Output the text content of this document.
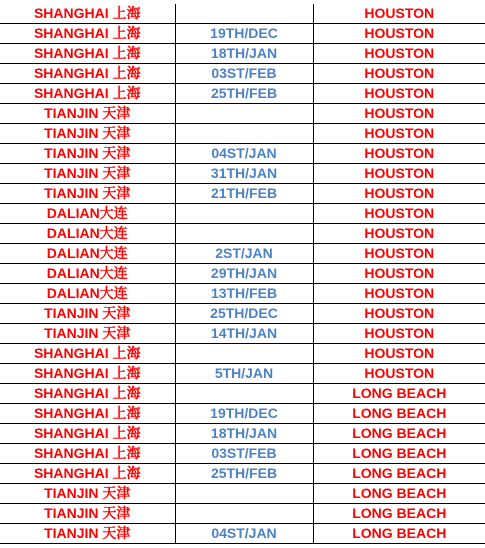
SHANGHAI 上海		HOUSTON
SHANGHAI 上海	19TH/DEC	HOUSTON
SHANGHAI 上海	18TH/JAN	HOUSTON
SHANGHAI 上海	03ST/FEB	HOUSTON
SHANGHAI 上海	25TH/FEB	HOUSTON
TIANJIN 天津		HOUSTON
TIANJIN 天津		HOUSTON
TIANJIN 天津	04ST/JAN	HOUSTON
TIANJIN 天津	31TH/JAN	HOUSTON
TIANJIN 天津	21TH/FEB	HOUSTON
DALIAN大连		HOUSTON
DALIAN大连		HOUSTON
DALIAN大连	2ST/JAN	HOUSTON
DALIAN大连	29TH/JAN	HOUSTON
DALIAN大连	13TH/FEB	HOUSTON
TIANJIN 天津	25TH/DEC	HOUSTON
TIANJIN 天津	14TH/JAN	HOUSTON
SHANGHAI 上海		HOUSTON
SHANGHAI 上海	5TH/JAN	HOUSTON
SHANGHAI 上海		LONG BEACH
SHANGHAI 上海	19TH/DEC	LONG BEACH
SHANGHAI 上海	18TH/JAN	LONG BEACH
SHANGHAI 上海	03ST/FEB	LONG BEACH
SHANGHAI 上海	25TH/FEB	LONG BEACH
TIANJIN 天津		LONG BEACH
TIANJIN 天津		LONG BEACH
TIANJIN 天津	04ST/JAN	LONG BEACH
